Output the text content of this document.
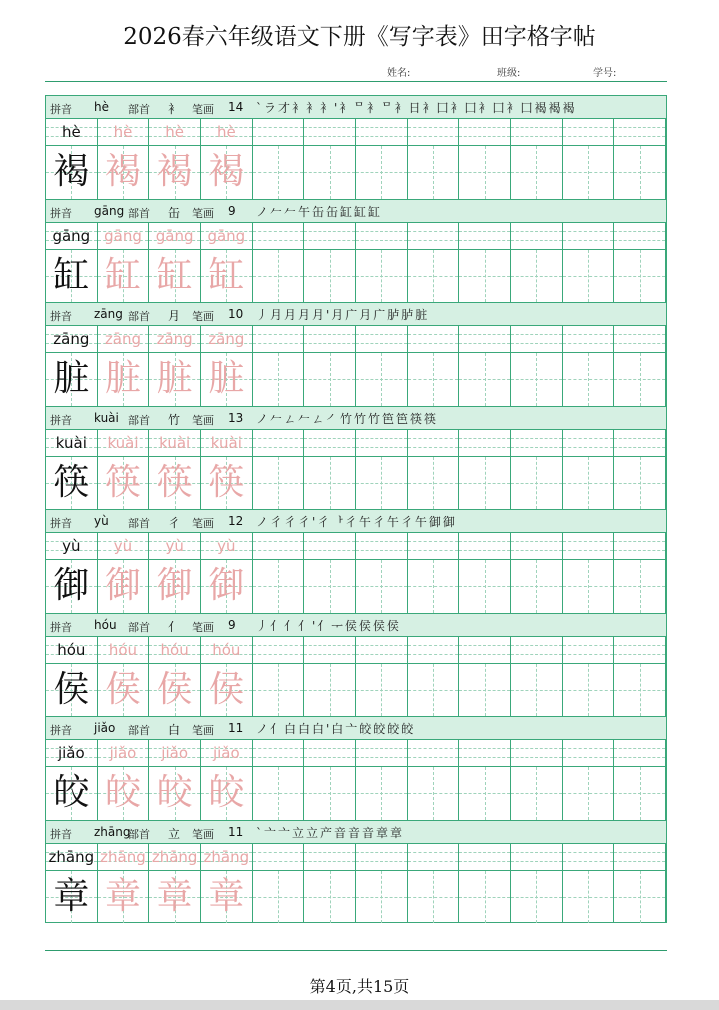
2026春六年级语文下册《写字表》田字格字帖
姓名:	班级:	学号:
拼音 hè 部首 衤 笔画 14 `ラ才衤衤衤'衤ᄆ衤ᄆ衤日衤囗衤囗衤囗衤囗褐褐褐
hè	hè	hè	hè
褐 褐 褐 褐
拼音 gāng 部首 缶 笔画 9 ノ𠂉𠂉午缶缶缸缸缸
gāng gāng gāng gāng
缸 缸 缸 缸
拼音 zāng 部首 月 笔画 10 丿月月月月'月广月广胪胪脏
zāng	zāng	zāng	zāng
脏 脏 脏 脏
拼音 kuài 部首 竹 笔画 13 ノ𠂉ㄥ𠂉ㄥ㇒竹竹竹笆笆筷筷
kuài	kuài	kuài	kuài
筷 筷 筷 筷
拼音 yù 部首 彳 笔画 12 ノ彳彳彳'彳ᅡ彳午彳午彳午御御
yù	yù	yù	yù
御 御 御 御
拼音 hóu 部首 亻 笔画 9 丿亻亻亻'亻ᅮ侯侯侯侯
hóu	hóu	hóu	hóu
侯 侯 侯 侯
拼音 jiǎo 部首 白 笔画 11 ノ亻白白白'白亠皎皎皎皎
jiǎo	jiǎo	jiǎo	jiǎo
皎 皎 皎 皎
拼音 zhāng
部首 立 笔画 11 `亠亠立立产音音音章章
zhāng zhāng zhāng zhāng
章 章 章 章
第4页,共15页
